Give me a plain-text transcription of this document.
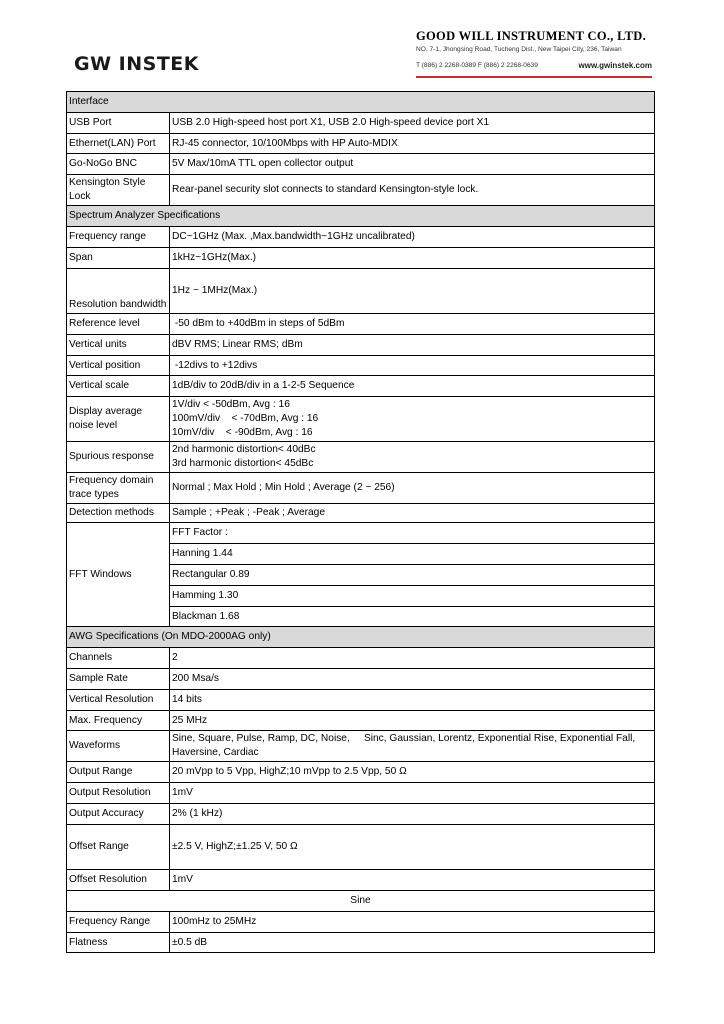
GW INSTEK
GOOD WILL INSTRUMENT CO., LTD.
NO. 7-1, Jhongsing Road, Tucheng Dist., New Taipei City, 236, Taiwan
T (886) 2 2268-0389 F (886) 2 2268-0639	www.gwinstek.com
Interface	
USB Port	USB 2.0 High-speed host port X1, USB 2.0 High-speed device port X1
Ethernet(LAN) Port	RJ-45 connector, 10/100Mbps with HP Auto-MDIX
Go-NoGo BNC	5V Max/10mA TTL open collector output
Kensington Style Lock	Rear-panel security slot connects to standard Kensington-style lock.
Spectrum Analyzer Specifications	
Frequency range	DC~1GHz (Max. ,Max.bandwidth~1GHz uncalibrated)
Span	1kHz~1GHz(Max.)
Resolution bandwidth	1Hz ~ 1MHz(Max.)
Reference level	-50 dBm to +40dBm in steps of 5dBm
Vertical units	dBV RMS; Linear RMS; dBm
Vertical position	-12divs to +12divs
Vertical scale	1dB/div to 20dB/div in a 1-2-5 Sequence
Display average noise level	1V/div < -50dBm, Avg : 16
100mV/div    < -70dBm, Avg : 16
10mV/div    < -90dBm, Avg : 16

Spurious response	2nd harmonic distortion< 40dBc
3rd harmonic distortion< 45dBc

Frequency domain trace types	Normal ; Max Hold ; Min Hold ; Average (2 ~ 256)
Detection methods	Sample ; +Peak ; -Peak ; Average
FFT Windows	FFT Factor :
	Hanning 1.44
	Rectangular 0.89
	Hamming 1.30
	Blackman 1.68
AWG Specifications (On MDO-2000AG only)	
Channels	2
Sample Rate	200 Msa/s
Vertical Resolution	14 bits
Max. Frequency	25 MHz
Waveforms	Sine, Square, Pulse, Ramp, DC, Noise,     Sinc, Gaussian, Lorentz, Exponential Rise, Exponential Fall, Haversine, Cardiac
Output Range	20 mVpp to 5 Vpp, HighZ;10 mVpp to 2.5 Vpp, 50 Ω
Output Resolution	1mV
Output Accuracy	2% (1 kHz)
Offset Range	±2.5 V, HighZ;±1.25 V, 50 Ω
Offset Resolution	1mV
Sine	
Frequency Range	100mHz to 25MHz
Flatness	±0.5 dB
